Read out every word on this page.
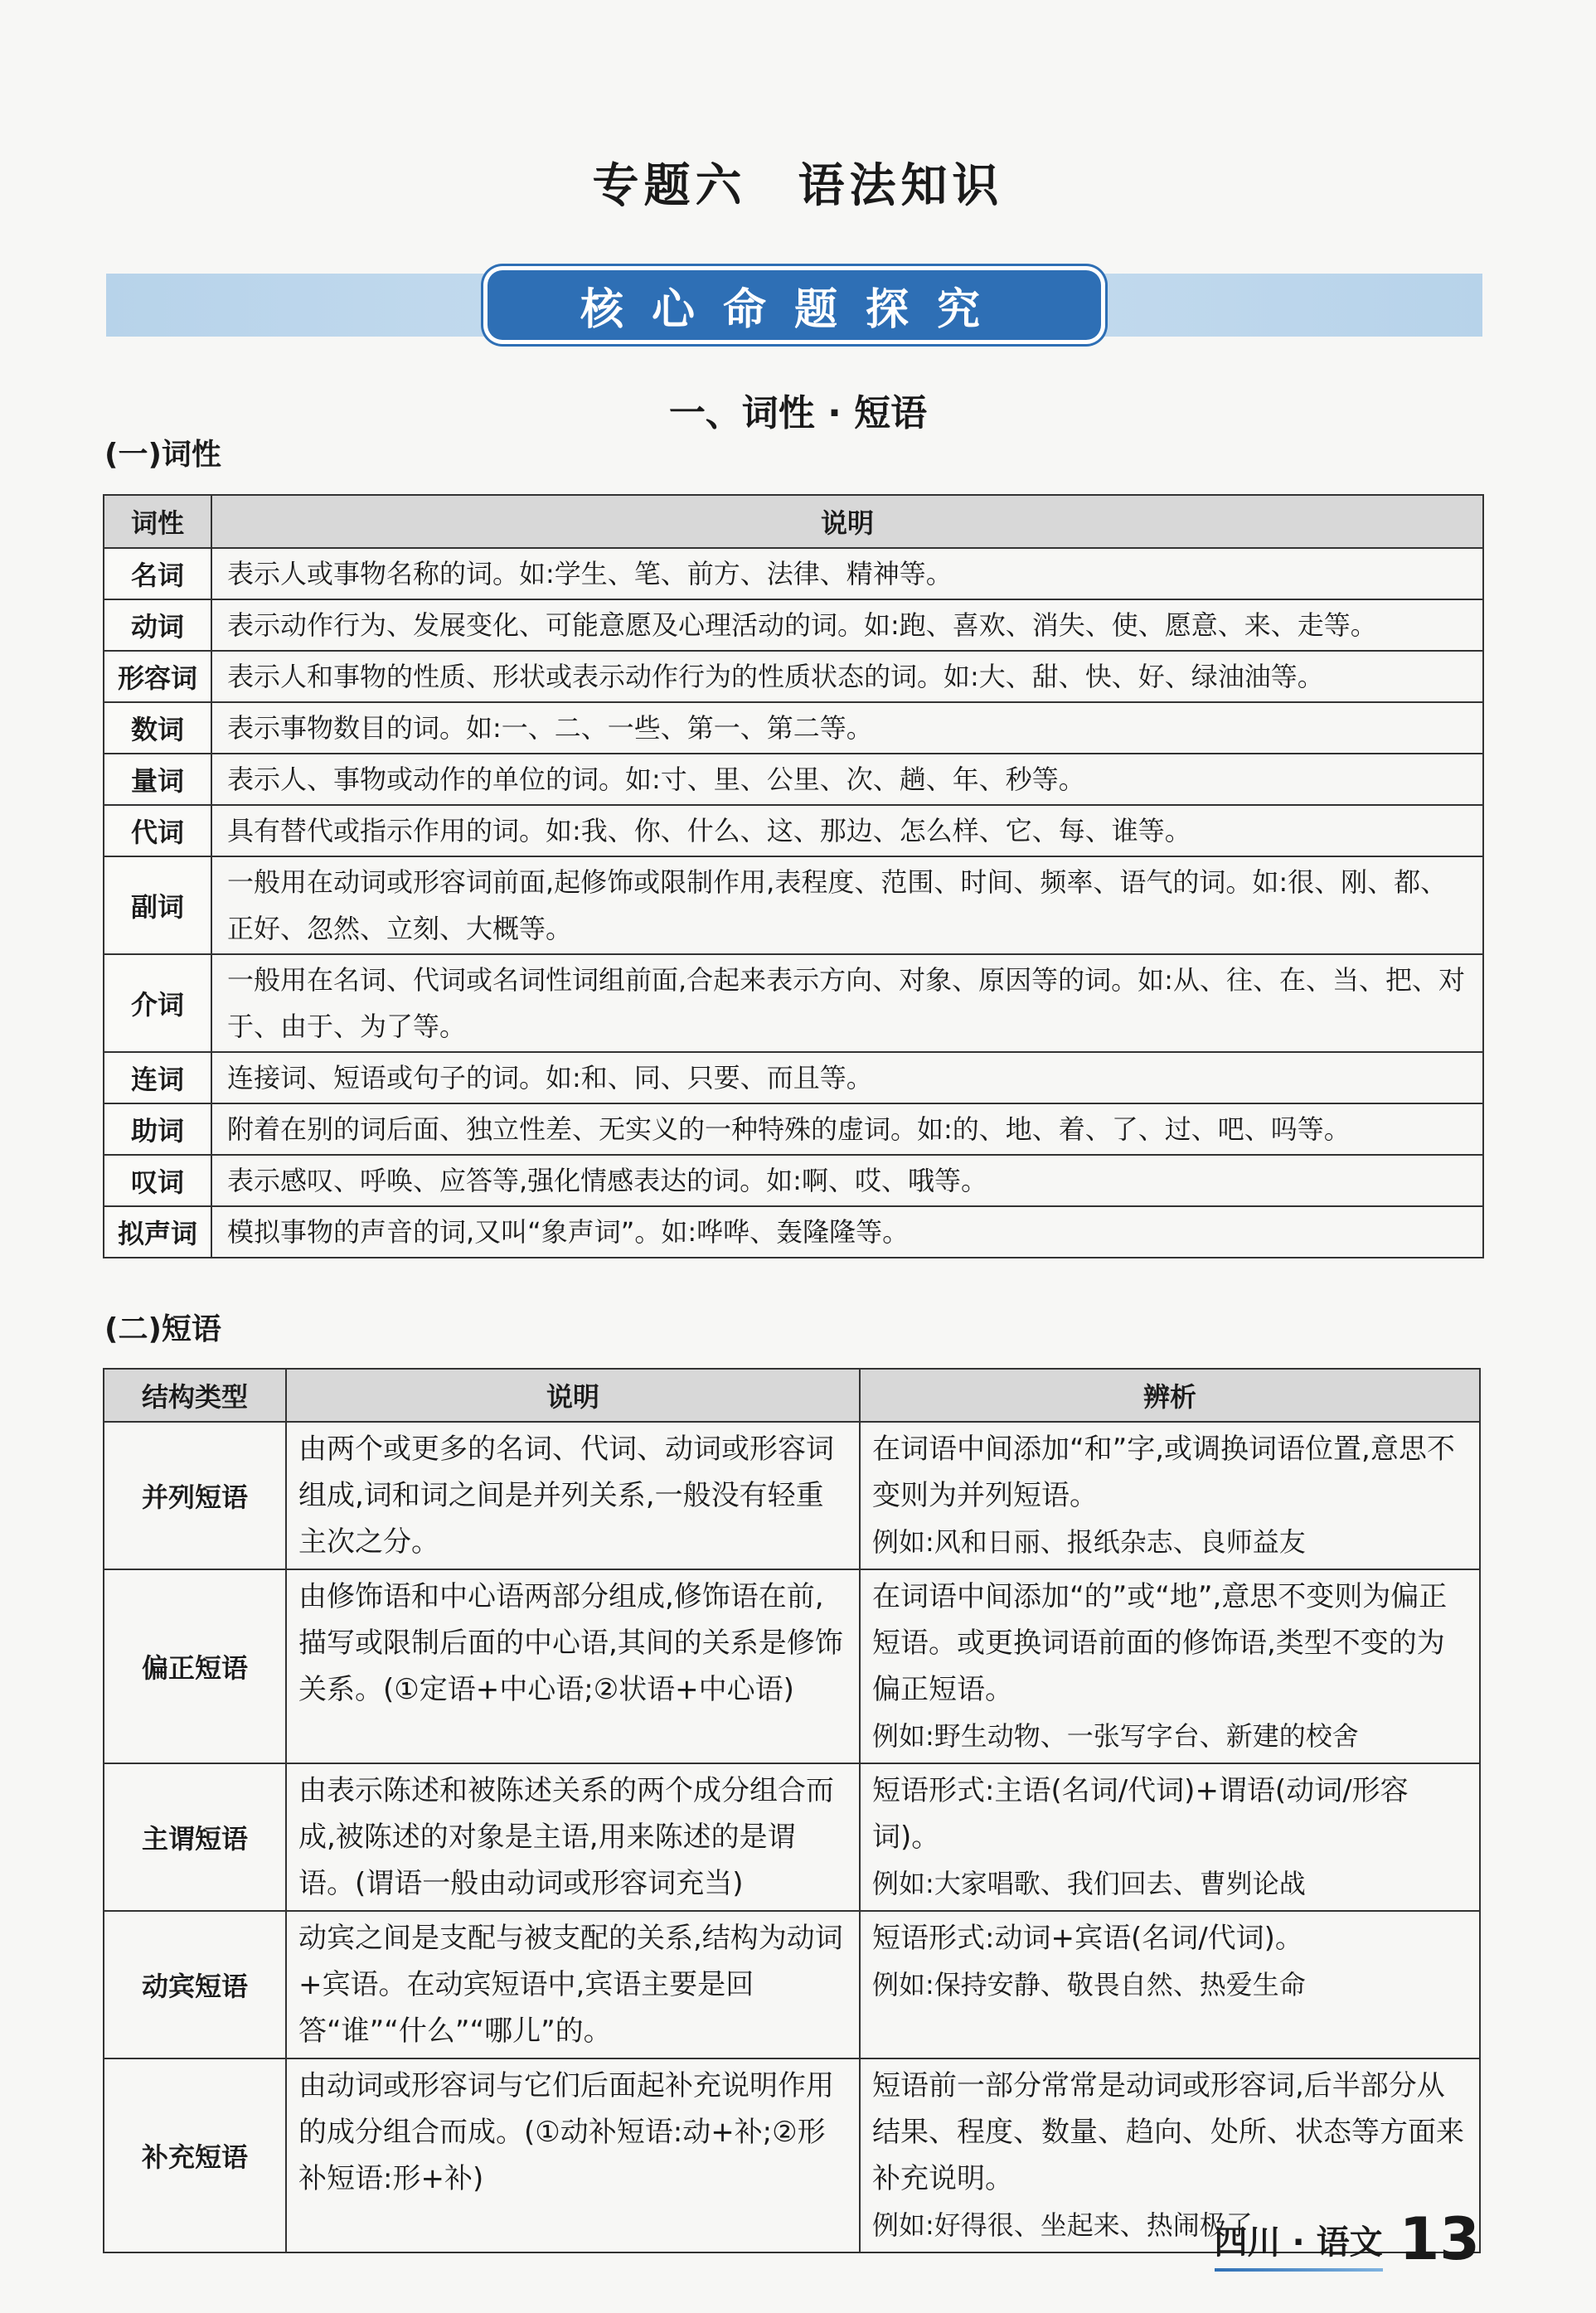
专题六　语法知识
核心命题探究
一、词性 · 短语
(一)词性
词性	说明
名词	表示人或事物名称的词。如:学生、笔、前方、法律、精神等。
动词	表示动作行为、发展变化、可能意愿及心理活动的词。如:跑、喜欢、消失、使、愿意、来、走等。
形容词	表示人和事物的性质、形状或表示动作行为的性质状态的词。如:大、甜、快、好、绿油油等。
数词	表示事物数目的词。如:一、二、一些、第一、第二等。
量词	表示人、事物或动作的单位的词。如:寸、里、公里、次、趟、年、秒等。
代词	具有替代或指示作用的词。如:我、你、什么、这、那边、怎么样、它、每、谁等。
副词	一般用在动词或形容词前面,起修饰或限制作用,表程度、范围、时间、频率、语气的词。如:很、刚、都、正好、忽然、立刻、大概等。
介词	一般用在名词、代词或名词性词组前面,合起来表示方向、对象、原因等的词。如:从、往、在、当、把、对于、由于、为了等。
连词	连接词、短语或句子的词。如:和、同、只要、而且等。
助词	附着在别的词后面、独立性差、无实义的一种特殊的虚词。如:的、地、着、了、过、吧、吗等。
叹词	表示感叹、呼唤、应答等,强化情感表达的词。如:啊、哎、哦等。
拟声词	模拟事物的声音的词,又叫“象声词”。如:哗哗、轰隆隆等。
(二)短语
结构类型	说明	辨析
并列短语	由两个或更多的名词、代词、动词或形容词组成,词和词之间是并列关系,一般没有轻重主次之分。	在词语中间添加“和”字,或调换词语位置,意思不变则为并列短语。
例如:风和日丽、报纸杂志、良师益友

偏正短语	由修饰语和中心语两部分组成,修饰语在前,描写或限制后面的中心语,其间的关系是修饰关系。(①定语+中心语;②状语+中心语)	在词语中间添加“的”或“地”,意思不变则为偏正短语。或更换词语前面的修饰语,类型不变的为偏正短语。
例如:野生动物、一张写字台、新建的校舍

主谓短语	由表示陈述和被陈述关系的两个成分组合而成,被陈述的对象是主语,用来陈述的是谓语。(谓语一般由动词或形容词充当)	短语形式:主语(名词/代词)+谓语(动词/形容词)。
例如:大家唱歌、我们回去、曹刿论战

动宾短语	动宾之间是支配与被支配的关系,结构为动词+宾语。在动宾短语中,宾语主要是回答“谁”“什么”“哪儿”的。	短语形式:动词+宾语(名词/代词)。
例如:保持安静、敬畏自然、热爱生命

补充短语	由动词或形容词与它们后面起补充说明作用的成分组合而成。(①动补短语:动+补;②形补短语:形+补)	短语前一部分常常是动词或形容词,后半部分从结果、程度、数量、趋向、处所、状态等方面来补充说明。
例如:好得很、坐起来、热闹极了
四川 · 语文 13
